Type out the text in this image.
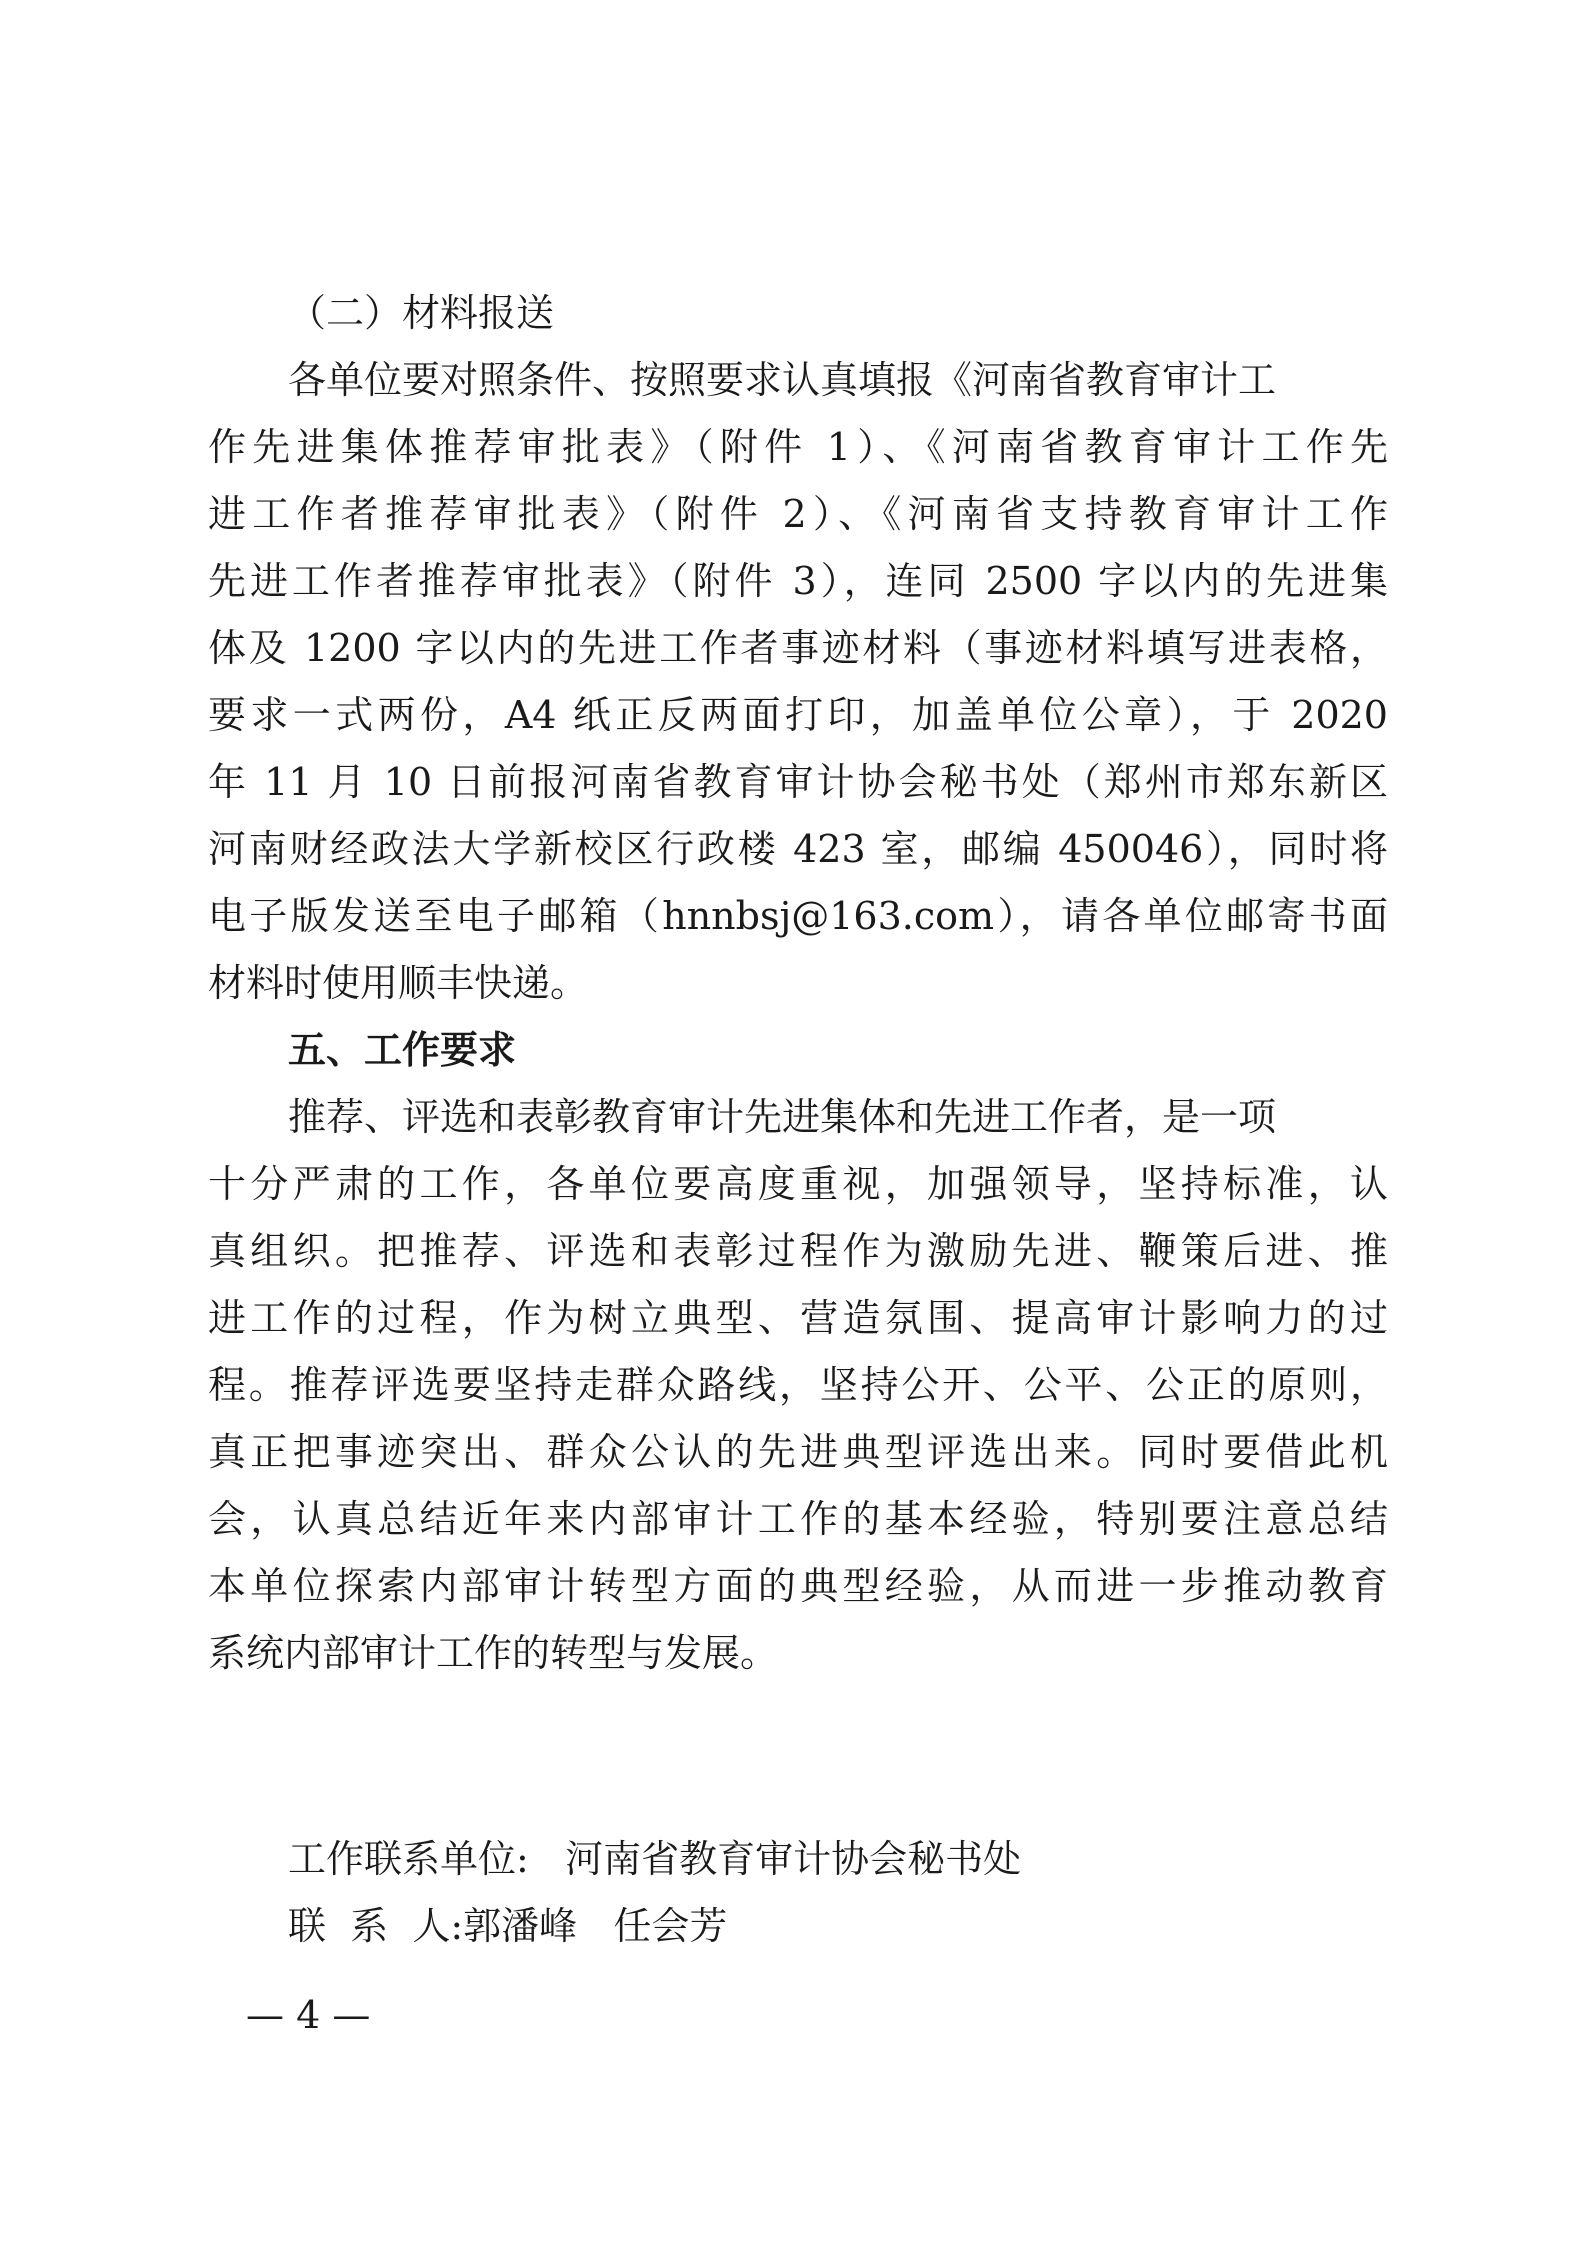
（二）材料报送
各单位要对照条件、按照要求认真填报《河南省教育审计工
作先进集体推荐审批表》（附件 1）、《河南省教育审计工作先
进工作者推荐审批表》（附件 2）、《河南省支持教育审计工作
先进工作者推荐审批表》（附件 3），连同 2500 字以内的先进集
体及 1200 字以内的先进工作者事迹材料（事迹材料填写进表格，
要求一式两份，A4 纸正反两面打印，加盖单位公章），于 2020
年 11 月 10 日前报河南省教育审计协会秘书处（郑州市郑东新区
河南财经政法大学新校区行政楼 423 室，邮编 450046），同时将
电子版发送至电子邮箱（hnnbsj@163.com），请各单位邮寄书面
材料时使用顺丰快递。
五、工作要求
推荐、评选和表彰教育审计先进集体和先进工作者，是一项
十分严肃的工作，各单位要高度重视，加强领导，坚持标准，认
真组织。把推荐、评选和表彰过程作为激励先进、鞭策后进、推
进工作的过程，作为树立典型、营造氛围、提高审计影响力的过
程。推荐评选要坚持走群众路线，坚持公开、公平、公正的原则，
真正把事迹突出、群众公认的先进典型评选出来。同时要借此机
会，认真总结近年来内部审计工作的基本经验，特别要注意总结
本单位探索内部审计转型方面的典型经验，从而进一步推动教育
系统内部审计工作的转型与发展。
工作联系单位: 河南省教育审计协会秘书处
联  系  人:郭潘峰   任会芳
— 4 —
